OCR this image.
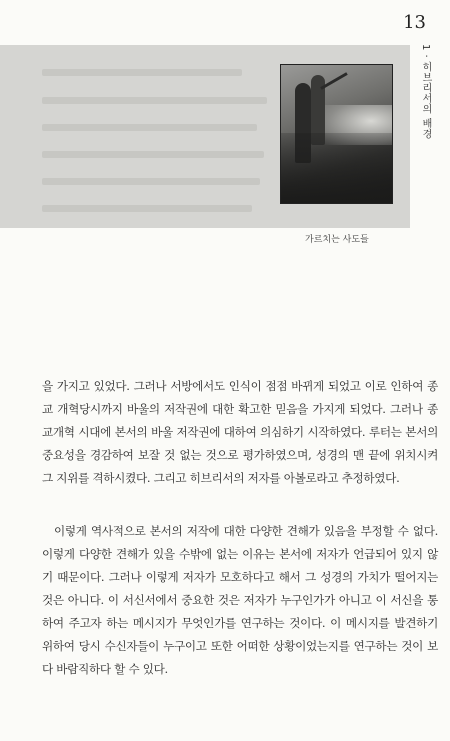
13
1 · 히브리서의 배경
가르치는 사도들

을 가지고 있었다. 그러나 서방에서도 인식이 점점 바뀌게 되었고 이로 인하여 종교 개혁당시까지 바울의 저작권에 대한 확고한 믿음을 가지게 되었다. 그러나 종교개혁 시대에 본서의 바울 저작권에 대하여 의심하기 시작하였다. 루터는 본서의 중요성을 경감하여 보잘 것 없는 것으로 평가하였으며, 성경의 맨 끝에 위치시켜 그 지위를 격하시켰다. 그리고 히브리서의 저자를 아볼로라고 추정하였다.

이렇게 역사적으로 본서의 저작에 대한 다양한 견해가 있음을 부정할 수 없다. 이렇게 다양한 견해가 있을 수밖에 없는 이유는 본서에 저자가 언급되어 있지 않기 때문이다. 그러나 이렇게 저자가 모호하다고 해서 그 성경의 가치가 떨어지는 것은 아니다. 이 서신서에서 중요한 것은 저자가 누구인가가 아니고 이 서신을 통하여 주고자 하는 메시지가 무엇인가를 연구하는 것이다. 이 메시지를 발견하기 위하여 당시 수신자들이 누구이고 또한 어떠한 상황이었는지를 연구하는 것이 보다 바람직하다 할 수 있다.
